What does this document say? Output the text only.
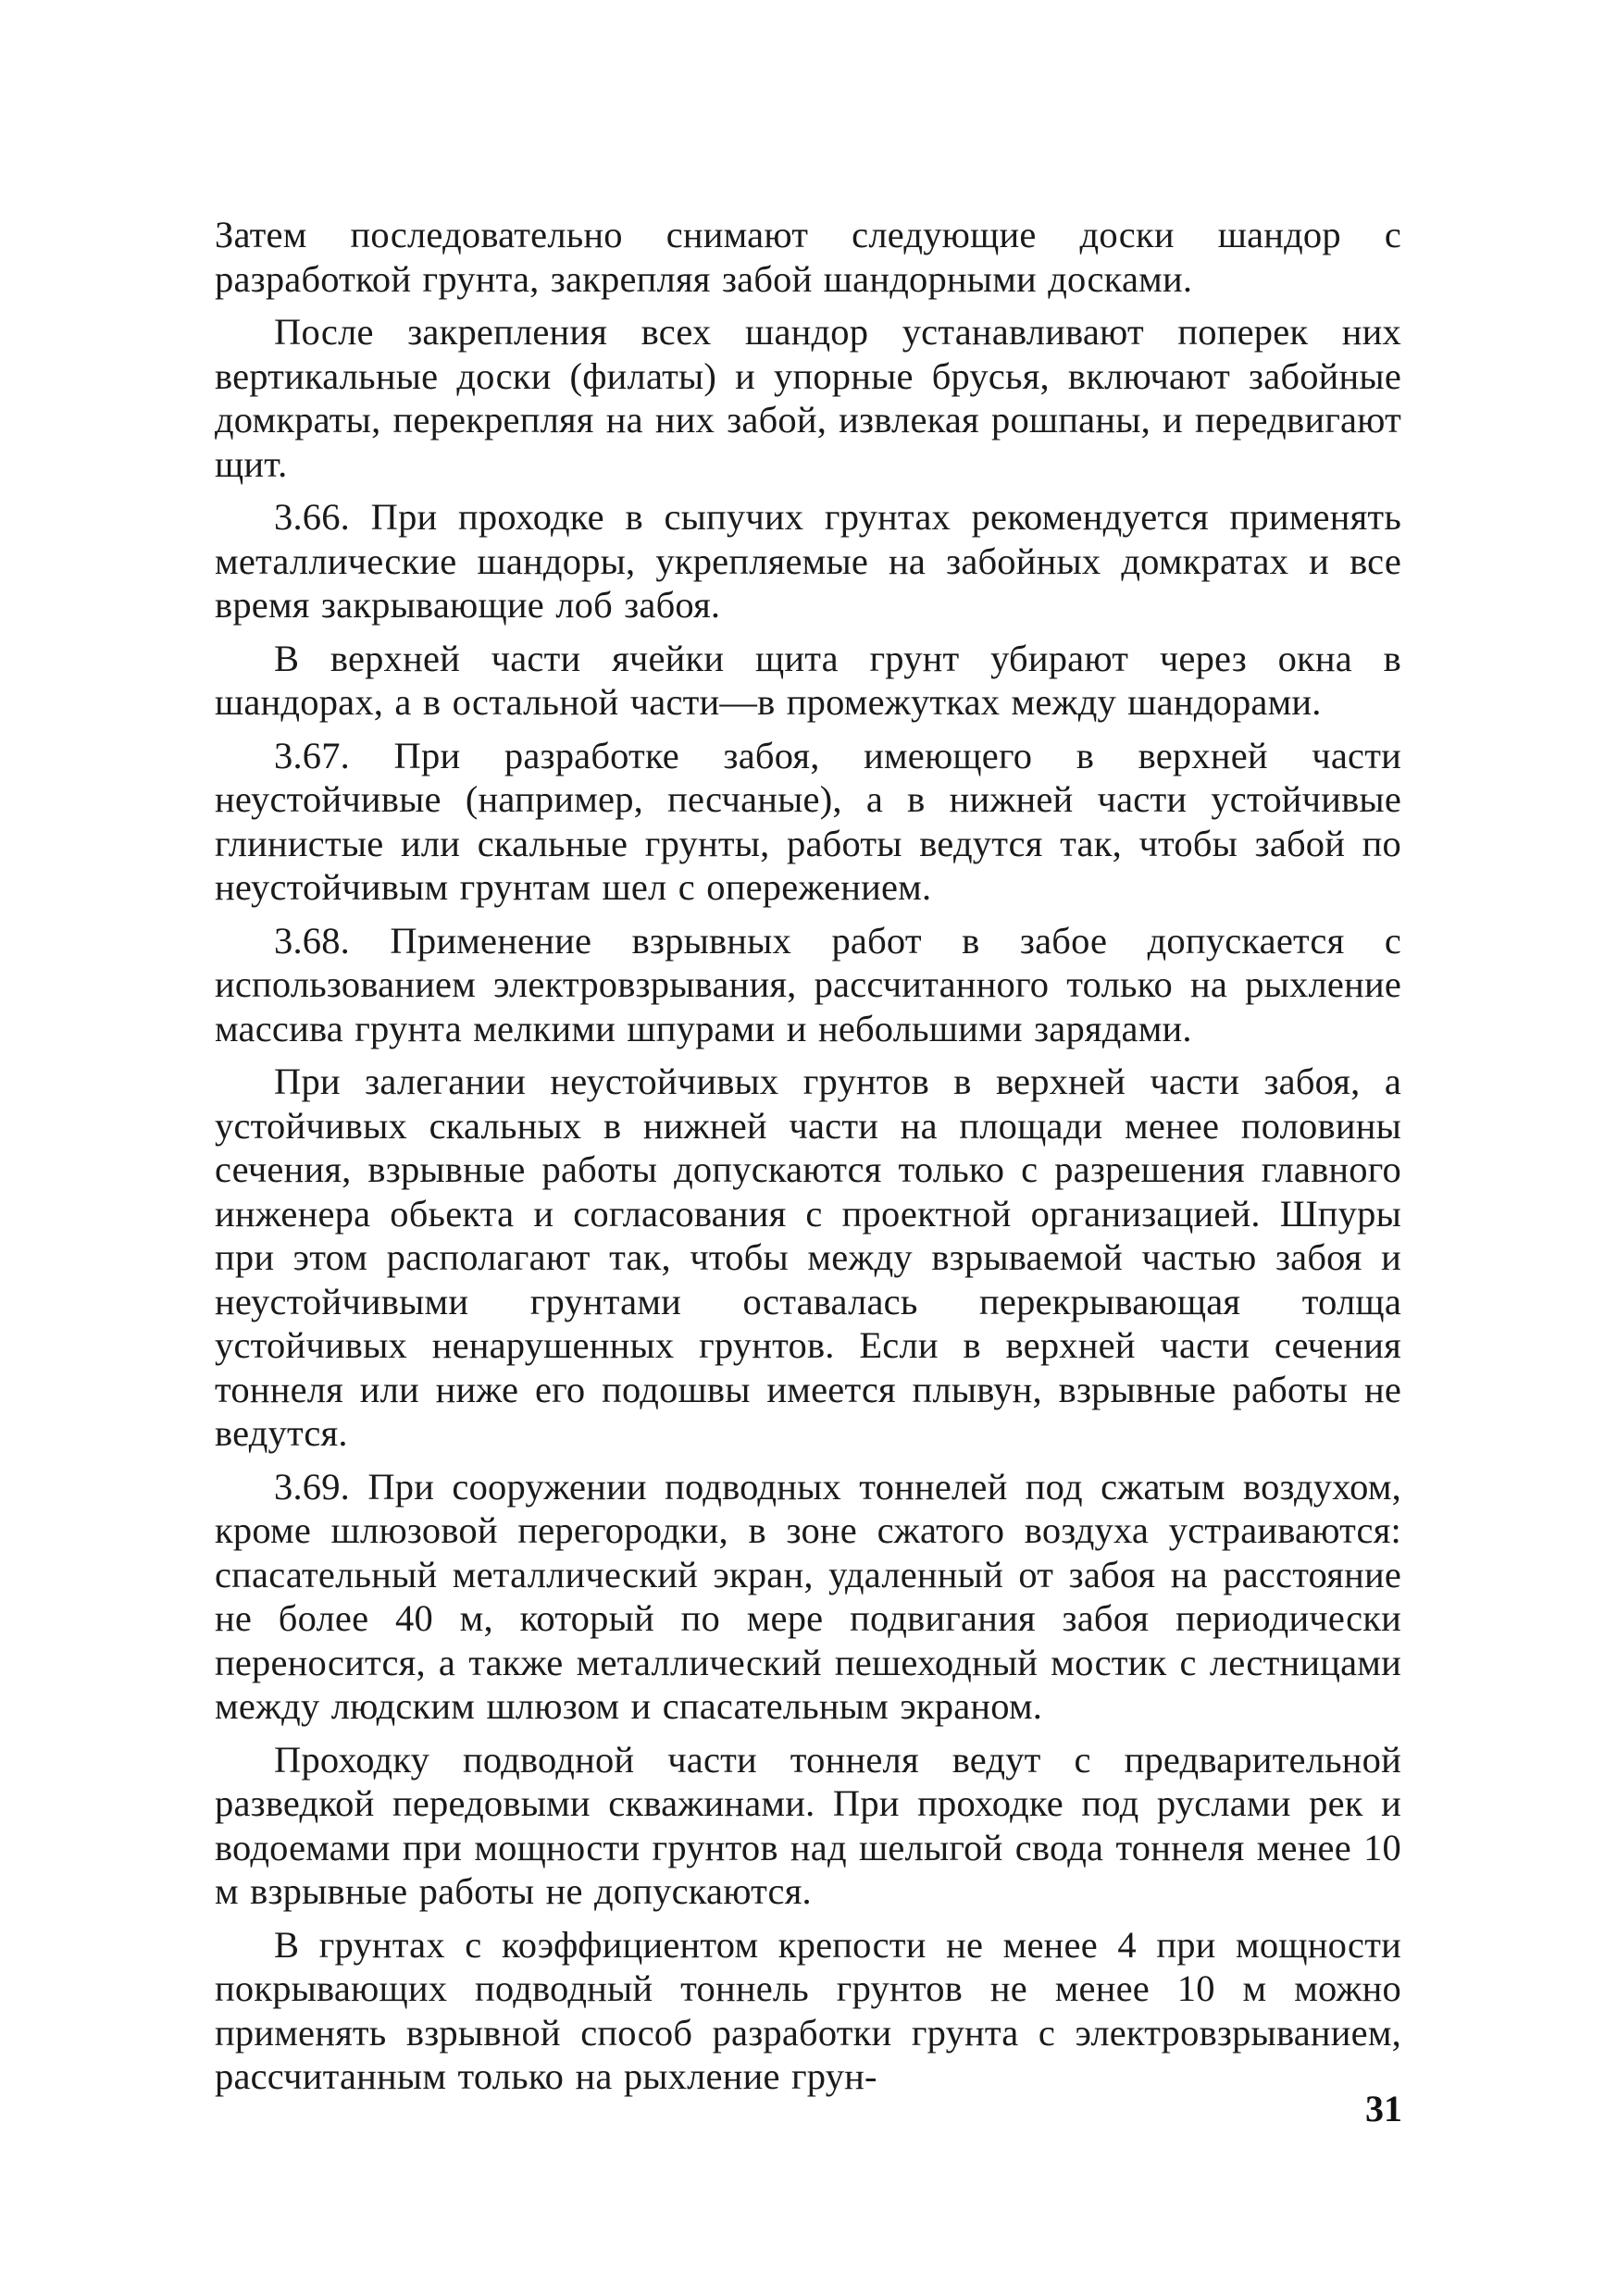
Затем последовательно снимают следующие доски шандор с разработкой грунта, закрепляя забой шандорными досками.

После закрепления всех шандор устанавливают поперек них вертикальные доски (филаты) и упорные брусья, включают забойные домкраты, перекрепляя на них забой, извлекая рошпаны, и передвигают щит.

3.66. При проходке в сыпучих грунтах рекомендуется применять металлические шандоры, укрепляемые на забойных домкратах и все время закрывающие лоб забоя.

В верхней части ячейки щита грунт убирают через окна в шандорах, а в остальной части—в промежутках между шандорами.

3.67. При разработке забоя, имеющего в верхней части неустойчивые (например, песчаные), а в нижней части устойчивые глинистые или скальные грунты, работы ведутся так, чтобы забой по неустойчивым грунтам шел с опережением.

3.68. Применение взрывных работ в забое допускается с использованием электровзрывания, рассчитанного только на рыхление массива грунта мелкими шпурами и небольшими зарядами.

При залегании неустойчивых грунтов в верхней части забоя, а устойчивых скальных в нижней части на площади менее половины сечения, взрывные работы допускаются только с разрешения главного инженера обьекта и согласования с проектной организацией. Шпуры при этом располагают так, чтобы между взрываемой частью забоя и неустойчивыми грунтами оставалась перекрывающая толща устойчивых ненарушенных грунтов. Если в верхней части сечения тоннеля или ниже его подошвы имеется плывун, взрывные работы не ведутся.

3.69. При сооружении подводных тоннелей под сжатым воздухом, кроме шлюзовой перегородки, в зоне сжатого воздуха устраиваются: спасательный металлический экран, удаленный от забоя на расстояние не более 40 м, который по мере подвигания забоя периодически переносится, а также металлический пешеходный мостик с лестницами между людским шлюзом и спасательным экраном.

Проходку подводной части тоннеля ведут с предварительной разведкой передовыми скважинами. При проходке под руслами рек и водоемами при мощности грунтов над шелыгой свода тоннеля менее 10 м взрывные работы не допускаются.

В грунтах с коэффициентом крепости не менее 4 при мощности покрывающих подводный тоннель грунтов не менее 10 м можно применять взрывной способ разработки грунта с электровзрыванием, рассчитанным только на рыхление грун-

31
